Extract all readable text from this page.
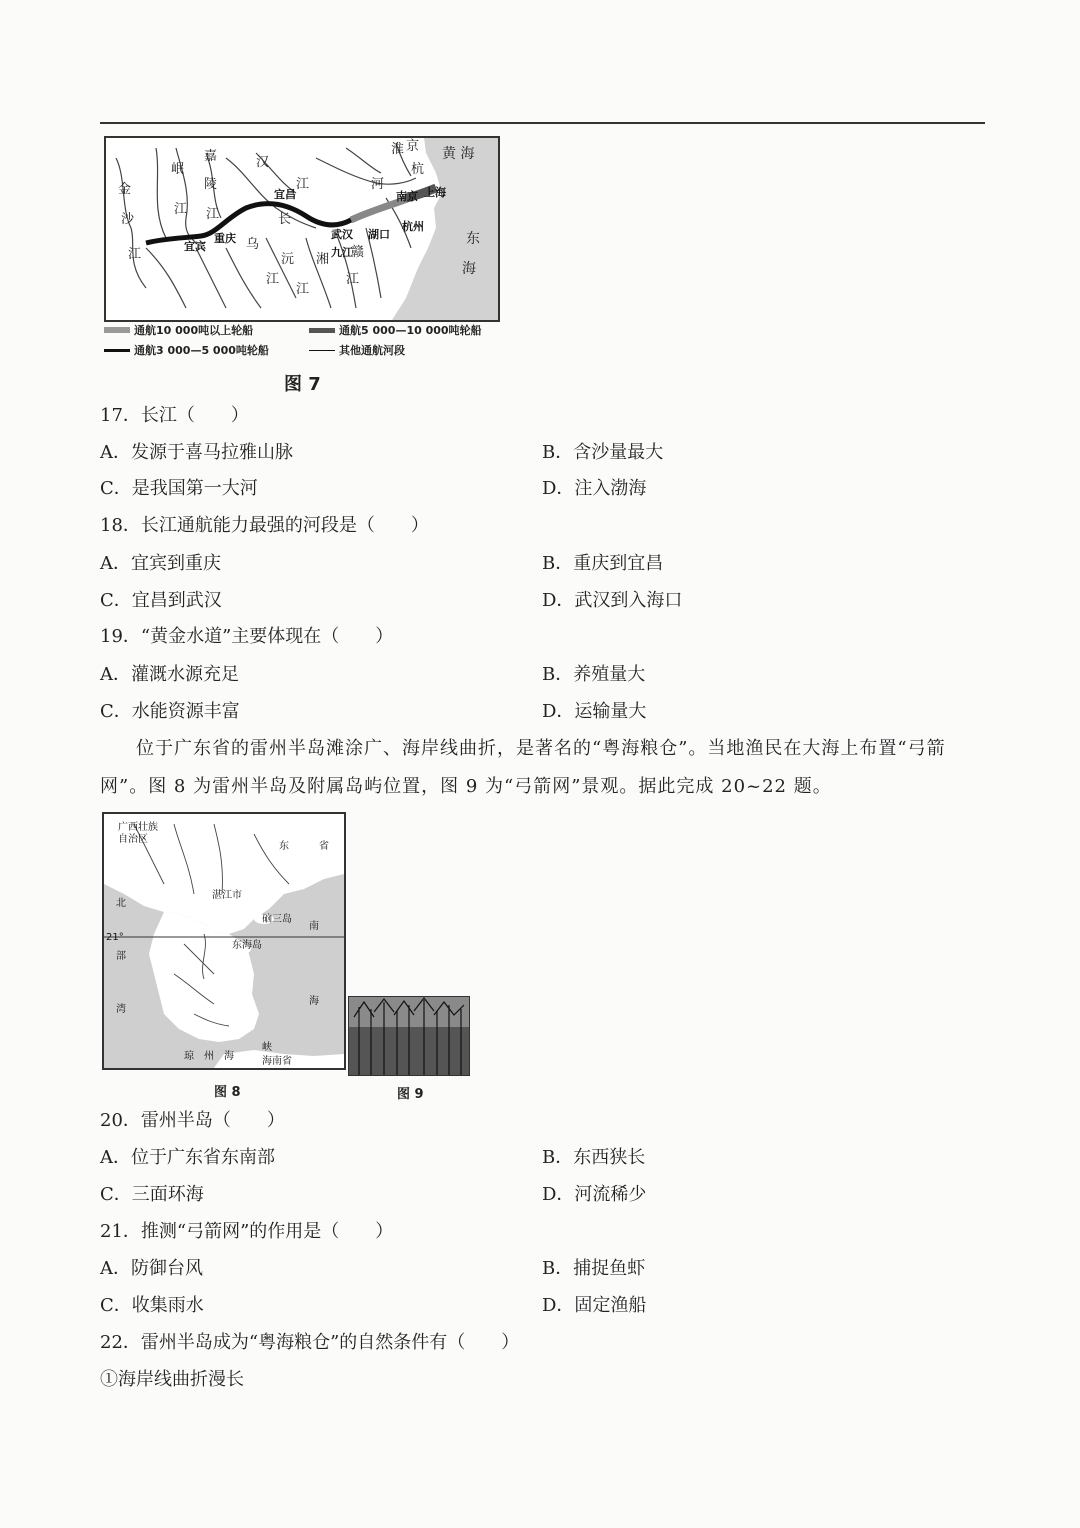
金
沙
江
岷
江
嘉
陵
江
汉
江
淮
河
长
乌
沅 湘 赣
江
江
江
京
杭
宜宾
重庆
宜昌
武汉
九江
湖口
南京 上海
杭州
黄 海
东
海
通航10 000吨以上轮船	通航5 000—10 000吨轮船
通航3 000—5 000吨轮船	其他通航河段
图 7
17．长江（　　）
A．发源于喜马拉雅山脉	B．含沙量最大
C．是我国第一大河	D．注入渤海
18．长江通航能力最强的河段是（　　）
A．宜宾到重庆	B．重庆到宜昌
C．宜昌到武汉	D．武汉到入海口
19．“黄金水道”主要体现在（　　）
A．灌溉水源充足	B．养殖量大
C．水能资源丰富	D．运输量大
位于广东省的雷州半岛滩涂广、海岸线曲折，是著名的“粤海粮仓”。当地渔民在大海上布置“弓箭网”。图 8 为雷州半岛及附属岛屿位置，图 9 为“弓箭网”景观。据此完成 20~22 题。
广西壮族
自治区
东	省
湛江市
硇三岛
东海岛
21°
北
部
湾
南
海
琼　州　海
峡
海南省
图 8	图 9
20．雷州半岛（　　）
A．位于广东省东南部	B．东西狭长
C．三面环海	D．河流稀少
21．推测“弓箭网”的作用是（　　）
A．防御台风	B．捕捉鱼虾
C．收集雨水	D．固定渔船
22．雷州半岛成为“粤海粮仓”的自然条件有（　　）
①海岸线曲折漫长
